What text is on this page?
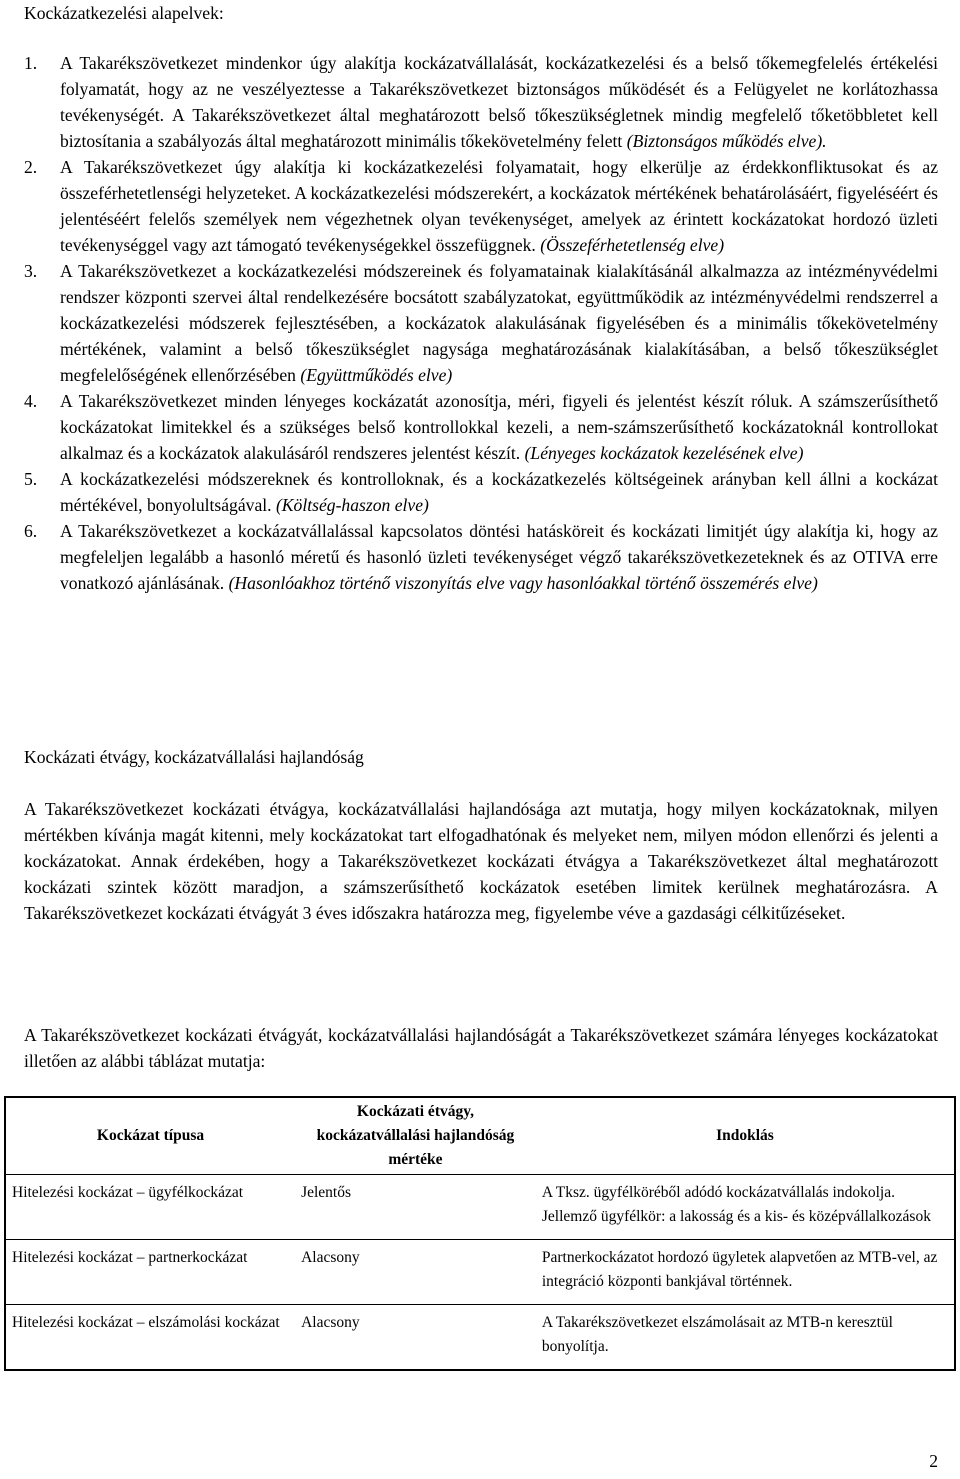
Kockázatkezelési alapelvek:

1. A Takarékszövetkezet mindenkor úgy alakítja kockázatvállalását, kockázatkezelési és a belső tőkemegfelelés értékelési folyamatát, hogy az ne veszélyeztesse a Takarékszövetkezet biztonságos működését és a Felügyelet ne korlátozhassa tevékenységét. A Takarékszövetkezet által meghatározott belső tőkeszükségletnek mindig megfelelő tőketöbbletet kell biztosítania a szabályozás által meghatározott minimális tőkekövetelmény felett (Biztonságos működés elve).
2. A Takarékszövetkezet úgy alakítja ki kockázatkezelési folyamatait, hogy elkerülje az érdekkonfliktusokat és az összeférhetetlenségi helyzeteket. A kockázatkezelési módszerekért, a kockázatok mértékének behatárolásáért, figyeléséért és jelentéséért felelős személyek nem végezhetnek olyan tevékenységet, amelyek az érintett kockázatokat hordozó üzleti tevékenységgel vagy azt támogató tevékenységekkel összefüggnek. (Összeférhetetlenség elve)
3. A Takarékszövetkezet a kockázatkezelési módszereinek és folyamatainak kialakításánál alkalmazza az intézményvédelmi rendszer központi szervei által rendelkezésére bocsátott szabályzatokat, együttműködik az intézményvédelmi rendszerrel a kockázatkezelési módszerek fejlesztésében, a kockázatok alakulásának figyelésében és a minimális tőkekövetelmény mértékének, valamint a belső tőkeszükséglet nagysága meghatározásának kialakításában, a belső tőkeszükséglet megfelelőségének ellenőrzésében (Együttműködés elve)
4. A Takarékszövetkezet minden lényeges kockázatát azonosítja, méri, figyeli és jelentést készít róluk. A számszerűsíthető kockázatokat limitekkel és a szükséges belső kontrollokkal kezeli, a nem-számszerűsíthető kockázatoknál kontrollokat alkalmaz és a kockázatok alakulásáról rendszeres jelentést készít. (Lényeges kockázatok kezelésének elve)
5. A kockázatkezelési módszereknek és kontrolloknak, és a kockázatkezelés költségeinek arányban kell állni a kockázat mértékével, bonyolultságával. (Költség-haszon elve)
6. A Takarékszövetkezet a kockázatvállalással kapcsolatos döntési hatásköreit és kockázati limitjét úgy alakítja ki, hogy az megfeleljen legalább a hasonló méretű és hasonló üzleti tevékenységet végző takarékszövetkezeteknek és az OTIVA erre vonatkozó ajánlásának. (Hasonlóakhoz történő viszonyítás elve vagy hasonlóakkal történő összemérés elve)

Kockázati étvágy, kockázatvállalási hajlandóság

A Takarékszövetkezet kockázati étvágya, kockázatvállalási hajlandósága azt mutatja, hogy milyen kockázatoknak, milyen mértékben kívánja magát kitenni, mely kockázatokat tart elfogadhatónak és melyeket nem, milyen módon ellenőrzi és jelenti a kockázatokat. Annak érdekében, hogy a Takarékszövetkezet kockázati étvágya a Takarékszövetkezet által meghatározott kockázati szintek között maradjon, a számszerűsíthető kockázatok esetében limitek kerülnek meghatározásra. A Takarékszövetkezet kockázati étvágyát 3 éves időszakra határozza meg, figyelembe véve a gazdasági célkitűzéseket.

A Takarékszövetkezet kockázati étvágyát, kockázatvállalási hajlandóságát a Takarékszövetkezet számára lényeges kockázatokat illetően az alábbi táblázat mutatja:

Kockázat típusa	Kockázati étvágy, kockázatvállalási hajlandóság mértéke	Indoklás
Hitelezési kockázat – ügyfélkockázat	Jelentős	A Tksz. ügyfélköréből adódó kockázatvállalás indokolja. Jellemző ügyfélkör: a lakosság és a kis- és középvállalkozások
Hitelezési kockázat – partnerkockázat	Alacsony	Partnerkockázatot hordozó ügyletek alapvetően az MTB-vel, az integráció központi bankjával történnek.
Hitelezési kockázat – elszámolási kockázat	Alacsony	A Takarékszövetkezet elszámolásait az MTB-n keresztül bonyolítja.
2
